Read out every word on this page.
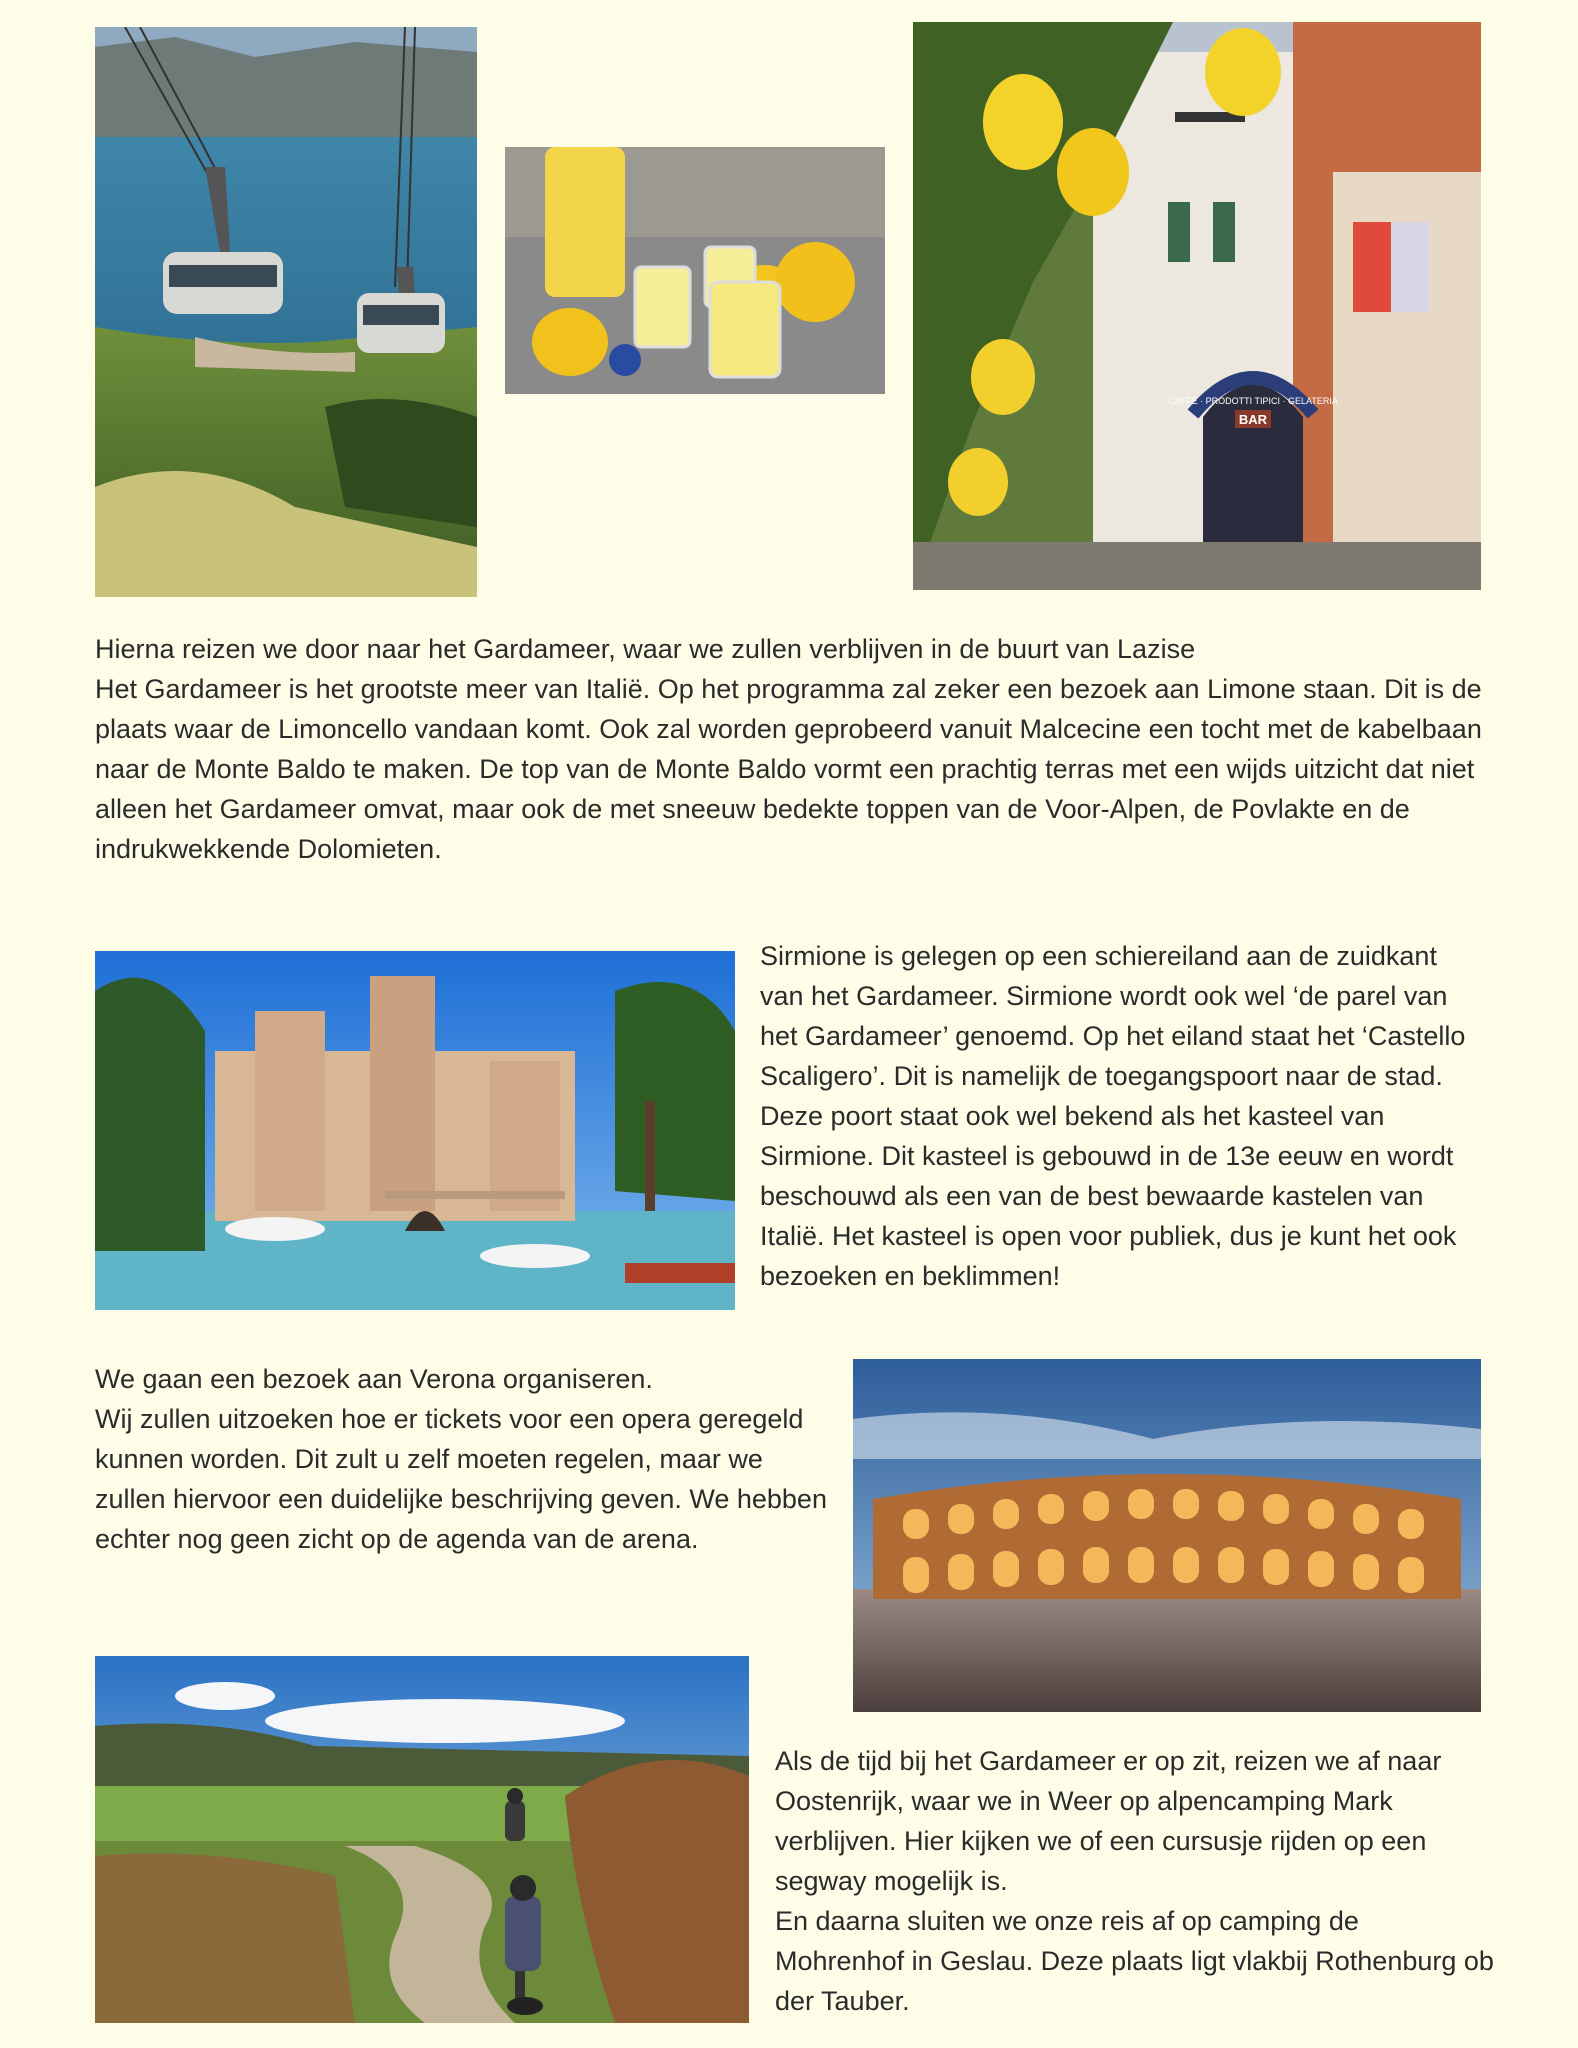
CAFFE · PRODOTTI TIPICI · GELATERIA
BAR

Hierna reizen we door naar het Gardameer, waar we zullen verblijven in de buurt van Lazise

Het Gardameer is het grootste meer van Italië. Op het programma zal zeker een bezoek aan Limone staan. Dit is de plaats waar de Limoncello vandaan komt. Ook zal worden geprobeerd vanuit Malcecine een tocht met de kabelbaan naar de Monte Baldo te maken. De top van de Monte Baldo vormt een prachtig terras met een wijds uitzicht dat niet alleen het Gardameer omvat, maar ook de met sneeuw bedekte toppen van de Voor-Alpen, de Povlakte en de indrukwekkende Dolomieten.

Sirmione is gelegen op een schiereiland aan de zuidkant van het Gardameer. Sirmione wordt ook wel ‘de parel van het Gardameer’ genoemd. Op het eiland staat het ‘Castello Scaligero’. Dit is namelijk de toegangspoort naar de stad. Deze poort staat ook wel bekend als het kasteel van Sirmione. Dit kasteel is gebouwd in de 13e eeuw en wordt beschouwd als een van de best bewaarde kastelen van Italië. Het kasteel is open voor publiek, dus je kunt het ook bezoeken en beklimmen!

We gaan een bezoek aan Verona organiseren.

Wij zullen uitzoeken hoe er tickets voor een opera geregeld kunnen worden. Dit zult u zelf moeten regelen, maar we zullen hiervoor een duidelijke beschrijving geven. We hebben echter nog geen zicht op de agenda van de arena.

Als de tijd bij het Gardameer er op zit, reizen we af naar Oostenrijk, waar we in Weer op alpencamping Mark verblijven. Hier kijken we of een cursusje rijden op een segway mogelijk is.

En daarna sluiten we onze reis af op camping de Mohrenhof in Geslau. Deze plaats ligt vlakbij Rothenburg ob der Tauber.
